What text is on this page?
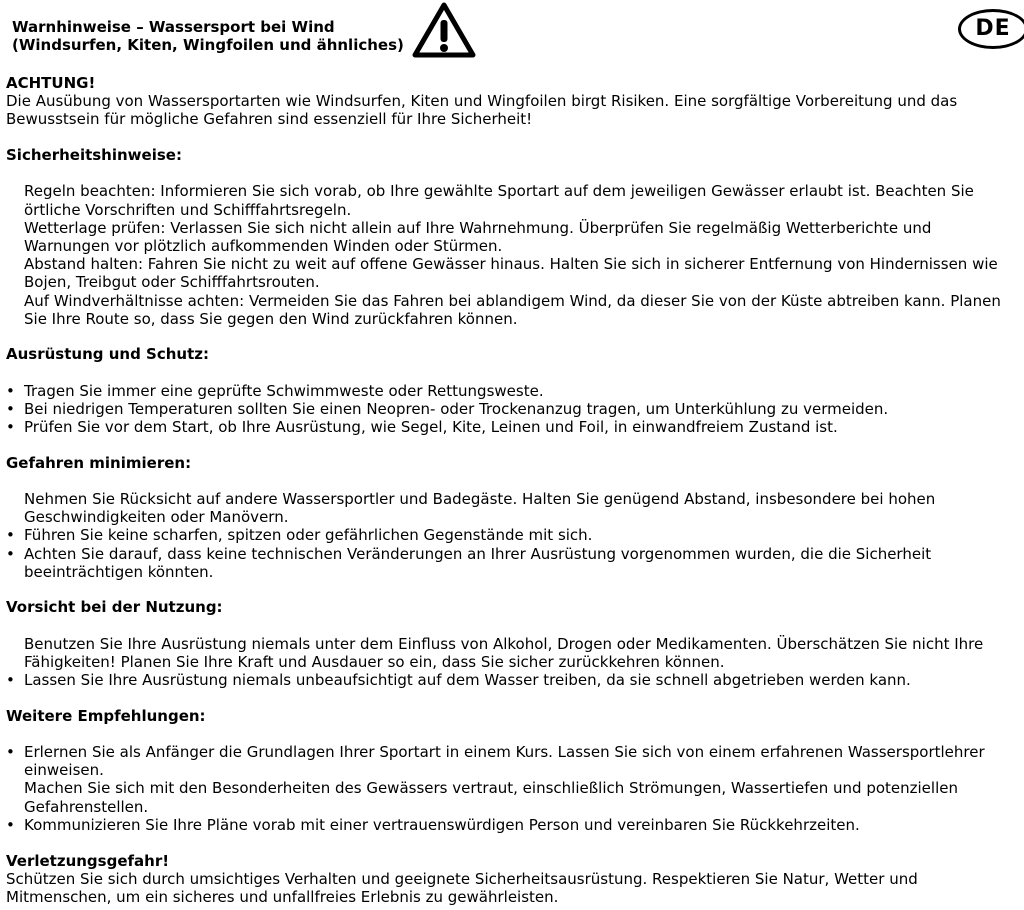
Warnhinweise – Wassersport bei Wind
(Windsurfen, Kiten, Wingfoilen und ähnliches)
DE
ACHTUNG!
Die Ausübung von Wassersportarten wie Windsurfen, Kiten und Wingfoilen birgt Risiken. Eine sorgfältige Vorbereitung und das Bewusstsein für mögliche Gefahren sind essenziell für Ihre Sicherheit!
Sicherheitshinweise:
Regeln beachten: Informieren Sie sich vorab, ob Ihre gewählte Sportart auf dem jeweiligen Gewässer erlaubt ist. Beachten Sie örtliche Vorschriften und Schifffahrtsregeln.
Wetterlage prüfen: Verlassen Sie sich nicht allein auf Ihre Wahrnehmung. Überprüfen Sie regelmäßig Wetterberichte und Warnungen vor plötzlich aufkommenden Winden oder Stürmen.
Abstand halten: Fahren Sie nicht zu weit auf offene Gewässer hinaus. Halten Sie sich in sicherer Entfernung von Hindernissen wie Bojen, Treibgut oder Schifffahrtsrouten.
Auf Windverhältnisse achten: Vermeiden Sie das Fahren bei ablandigem Wind, da dieser Sie von der Küste abtreiben kann. Planen Sie Ihre Route so, dass Sie gegen den Wind zurückfahren können.
Ausrüstung und Schutz:
• Tragen Sie immer eine geprüfte Schwimmweste oder Rettungsweste.
• Bei niedrigen Temperaturen sollten Sie einen Neopren- oder Trockenanzug tragen, um Unterkühlung zu vermeiden.
• Prüfen Sie vor dem Start, ob Ihre Ausrüstung, wie Segel, Kite, Leinen und Foil, in einwandfreiem Zustand ist.
Gefahren minimieren:
Nehmen Sie Rücksicht auf andere Wassersportler und Badegäste. Halten Sie genügend Abstand, insbesondere bei hohen Geschwindigkeiten oder Manövern.
• Führen Sie keine scharfen, spitzen oder gefährlichen Gegenstände mit sich.
• Achten Sie darauf, dass keine technischen Veränderungen an Ihrer Ausrüstung vorgenommen wurden, die die Sicherheit beeinträchtigen könnten.
Vorsicht bei der Nutzung:
Benutzen Sie Ihre Ausrüstung niemals unter dem Einfluss von Alkohol, Drogen oder Medikamenten. Überschätzen Sie nicht Ihre Fähigkeiten! Planen Sie Ihre Kraft und Ausdauer so ein, dass Sie sicher zurückkehren können.
• Lassen Sie Ihre Ausrüstung niemals unbeaufsichtigt auf dem Wasser treiben, da sie schnell abgetrieben werden kann.
Weitere Empfehlungen:
• Erlernen Sie als Anfänger die Grundlagen Ihrer Sportart in einem Kurs. Lassen Sie sich von einem erfahrenen Wassersportlehrer einweisen.
Machen Sie sich mit den Besonderheiten des Gewässers vertraut, einschließlich Strömungen, Wassertiefen und potenziellen Gefahrenstellen.
• Kommunizieren Sie Ihre Pläne vorab mit einer vertrauenswürdigen Person und vereinbaren Sie Rückkehrzeiten.
Verletzungsgefahr!
Schützen Sie sich durch umsichtiges Verhalten und geeignete Sicherheitsausrüstung. Respektieren Sie Natur, Wetter und Mitmenschen, um ein sicheres und unfallfreies Erlebnis zu gewährleisten.
